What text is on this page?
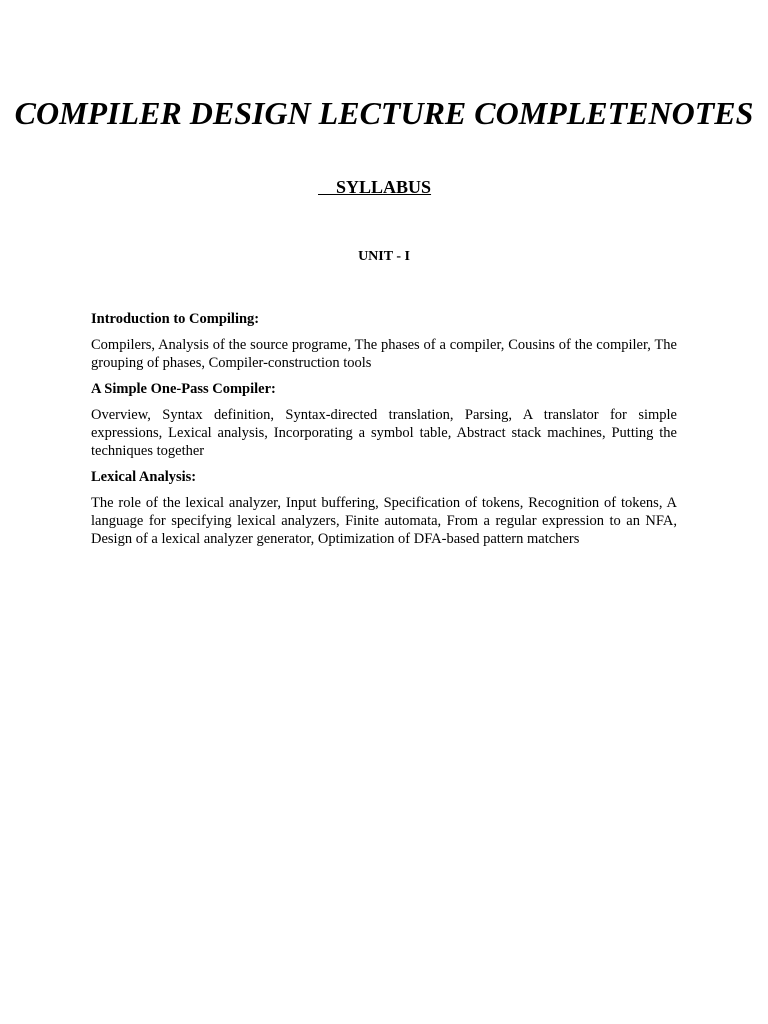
COMPILER DESIGN LECTURE COMPLETENOTES
SYLLABUS
UNIT - I

Introduction to Compiling:

Compilers, Analysis of the source programe, The phases of a compiler, Cousins of the compiler, The grouping of phases, Compiler-construction tools

A Simple One-Pass Compiler:

Overview, Syntax definition, Syntax-directed translation, Parsing, A translator for simple expressions, Lexical analysis, Incorporating a symbol table, Abstract stack machines, Putting the techniques together

Lexical Analysis:

The role of the lexical analyzer, Input buffering, Specification of tokens, Recognition of tokens, A language for specifying lexical analyzers, Finite automata, From a regular expression to an NFA, Design of a lexical analyzer generator, Optimization of DFA-based pattern matchers
